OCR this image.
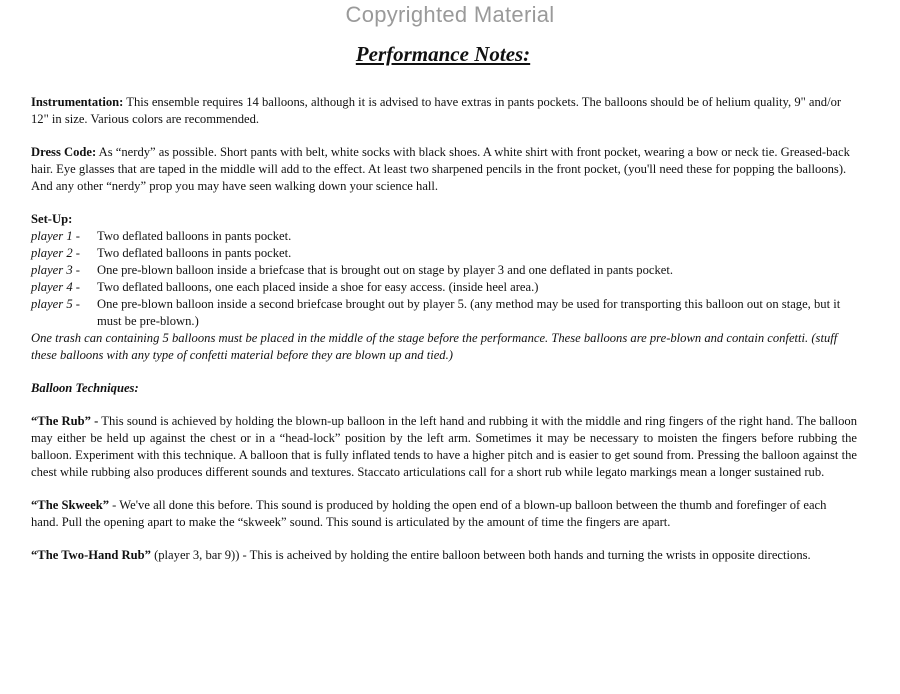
Copyrighted Material
Performance Notes:

Instrumentation: This ensemble requires 14 balloons, although it is advised to have extras in pants pockets. The balloons should be of helium quality, 9" and/or 12" in size. Various colors are recommended.

Dress Code: As “nerdy” as possible. Short pants with belt, white socks with black shoes. A white shirt with front pocket, wearing a bow or neck tie. Greased-back hair. Eye glasses that are taped in the middle will add to the effect. At least two sharpened pencils in the front pocket, (you'll need these for popping the balloons). And any other “nerdy” prop you may have seen walking down your science hall.

Set-Up:
player 1 -	Two deflated balloons in pants pocket.
player 2 -	Two deflated balloons in pants pocket.
player 3 -	One pre-blown balloon inside a briefcase that is brought out on stage by player 3 and one deflated in pants pocket.
player 4 -	Two deflated balloons, one each placed inside a shoe for easy access. (inside heel area.)
player 5 -	One pre-blown balloon inside a second briefcase brought out by player 5. (any method may be used for transporting this balloon out on stage, but it must be pre-blown.)

One trash can containing 5 balloons must be placed in the middle of the stage before the performance. These balloons are pre-blown and contain confetti. (stuff these balloons with any type of confetti material before they are blown up and tied.)

Balloon Techniques:

“The Rub” - This sound is achieved by holding the blown-up balloon in the left hand and rubbing it with the middle and ring fingers of the right hand. The balloon may either be held up against the chest or in a “head-lock” position by the left arm. Sometimes it may be necessary to moisten the fingers before rubbing the balloon. Experiment with this technique. A balloon that is fully inflated tends to have a higher pitch and is easier to get sound from. Pressing the balloon against the chest while rubbing also produces different sounds and textures. Staccato articulations call for a short rub while legato markings mean a longer sustained rub.

“The Skweek” - We've all done this before. This sound is produced by holding the open end of a blown-up balloon between the thumb and forefinger of each hand. Pull the opening apart to make the “skweek” sound. This sound is articulated by the amount of time the fingers are apart.

“The Two-Hand Rub” (player 3, bar 9)) - This is acheived by holding the entire balloon between both hands and turning the wrists in opposite directions.
